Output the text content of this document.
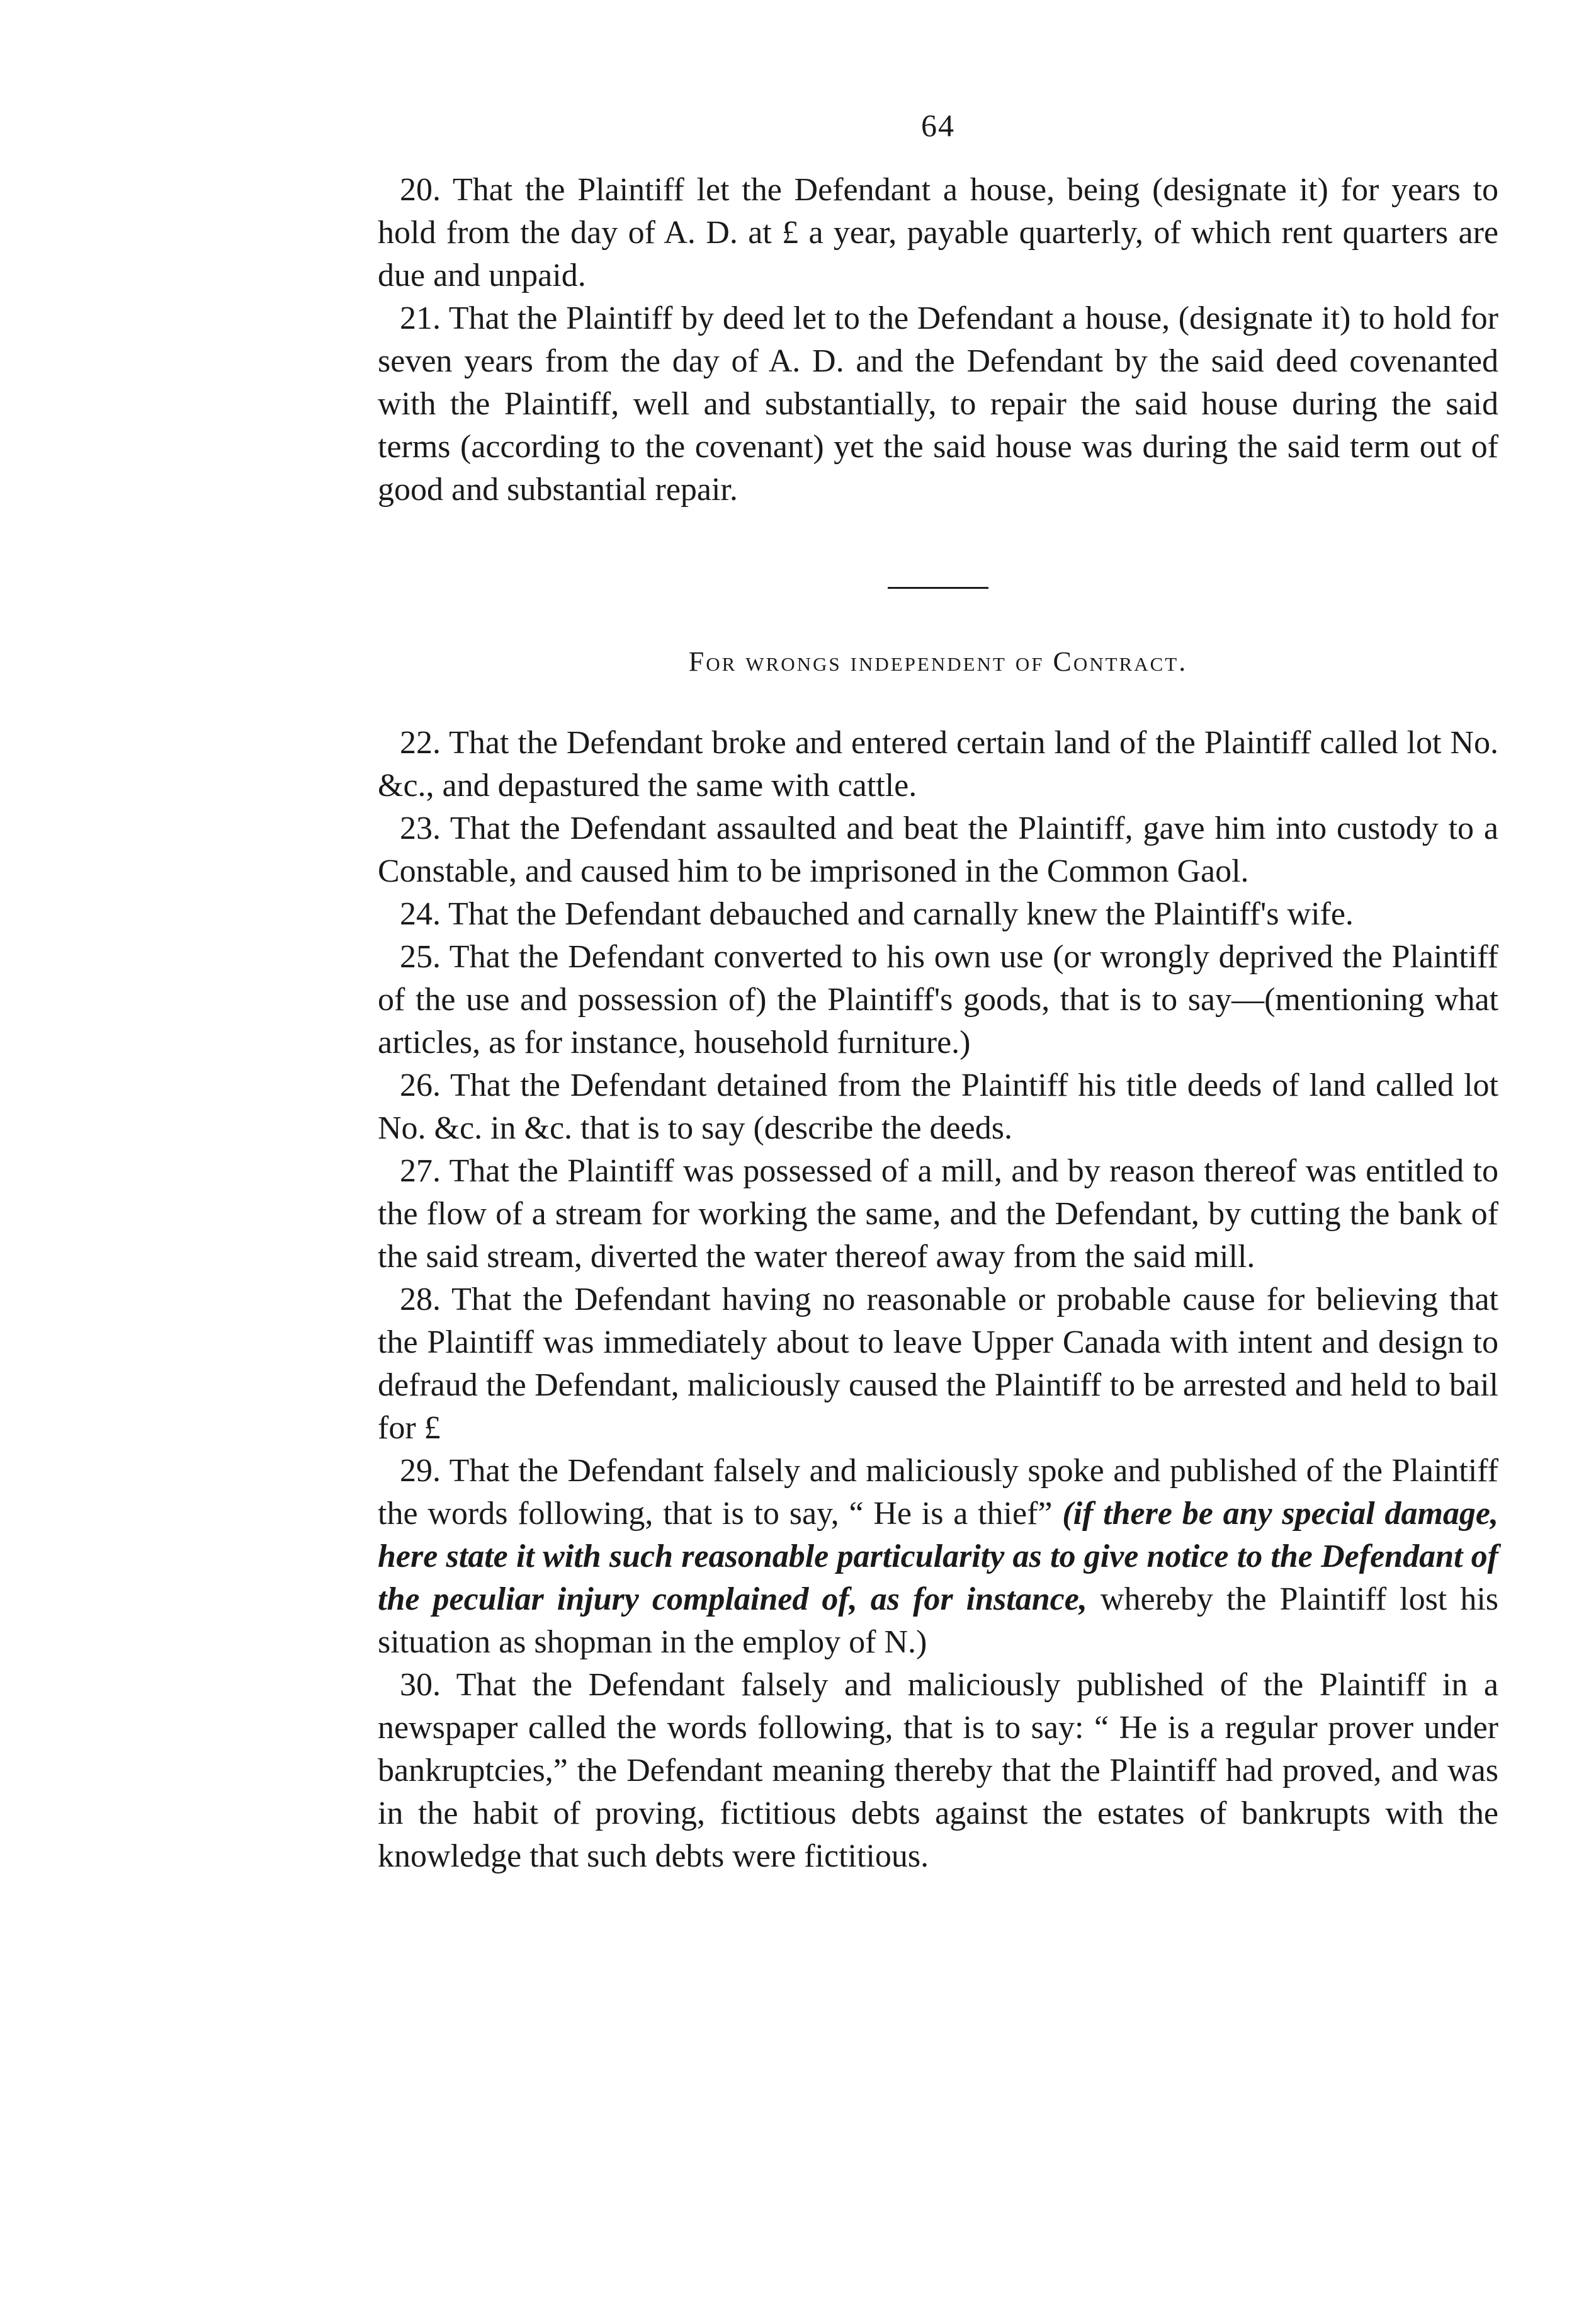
64

20. That the Plaintiff let the Defendant a house, being (designate it) for years to hold from the day of A. D. at £ a year, payable quarterly, of which rent quarters are due and unpaid.

21. That the Plaintiff by deed let to the Defendant a house, (designate it) to hold for seven years from the day of A. D. and the Defendant by the said deed covenanted with the Plaintiff, well and substantially, to repair the said house during the said terms (according to the covenant) yet the said house was during the said term out of good and substantial repair.

For wrongs independent of Contract.

22. That the Defendant broke and entered certain land of the Plaintiff called lot No. &c., and depastured the same with cattle.

23. That the Defendant assaulted and beat the Plaintiff, gave him into custody to a Constable, and caused him to be imprisoned in the Common Gaol.

24. That the Defendant debauched and carnally knew the Plaintiff's wife.

25. That the Defendant converted to his own use (or wrongly deprived the Plaintiff of the use and possession of) the Plaintiff's goods, that is to say—(mentioning what articles, as for instance, household furniture.)

26. That the Defendant detained from the Plaintiff his title deeds of land called lot No. &c. in &c. that is to say (describe the deeds.

27. That the Plaintiff was possessed of a mill, and by reason thereof was entitled to the flow of a stream for working the same, and the Defendant, by cutting the bank of the said stream, diverted the water thereof away from the said mill.

28. That the Defendant having no reasonable or probable cause for believing that the Plaintiff was immediately about to leave Upper Canada with intent and design to defraud the Defendant, maliciously caused the Plaintiff to be arrested and held to bail for £

29. That the Defendant falsely and maliciously spoke and published of the Plaintiff the words following, that is to say, “ He is a thief” (if there be any special damage, here state it with such reasonable particularity as to give notice to the Defendant of the peculiar injury complained of, as for instance, whereby the Plaintiff lost his situation as shopman in the employ of N.)

30. That the Defendant falsely and maliciously published of the Plaintiff in a newspaper called the words following, that is to say: “ He is a regular prover under bankruptcies,” the Defendant meaning thereby that the Plaintiff had proved, and was in the habit of proving, fictitious debts against the estates of bankrupts with the knowledge that such debts were fictitious.
